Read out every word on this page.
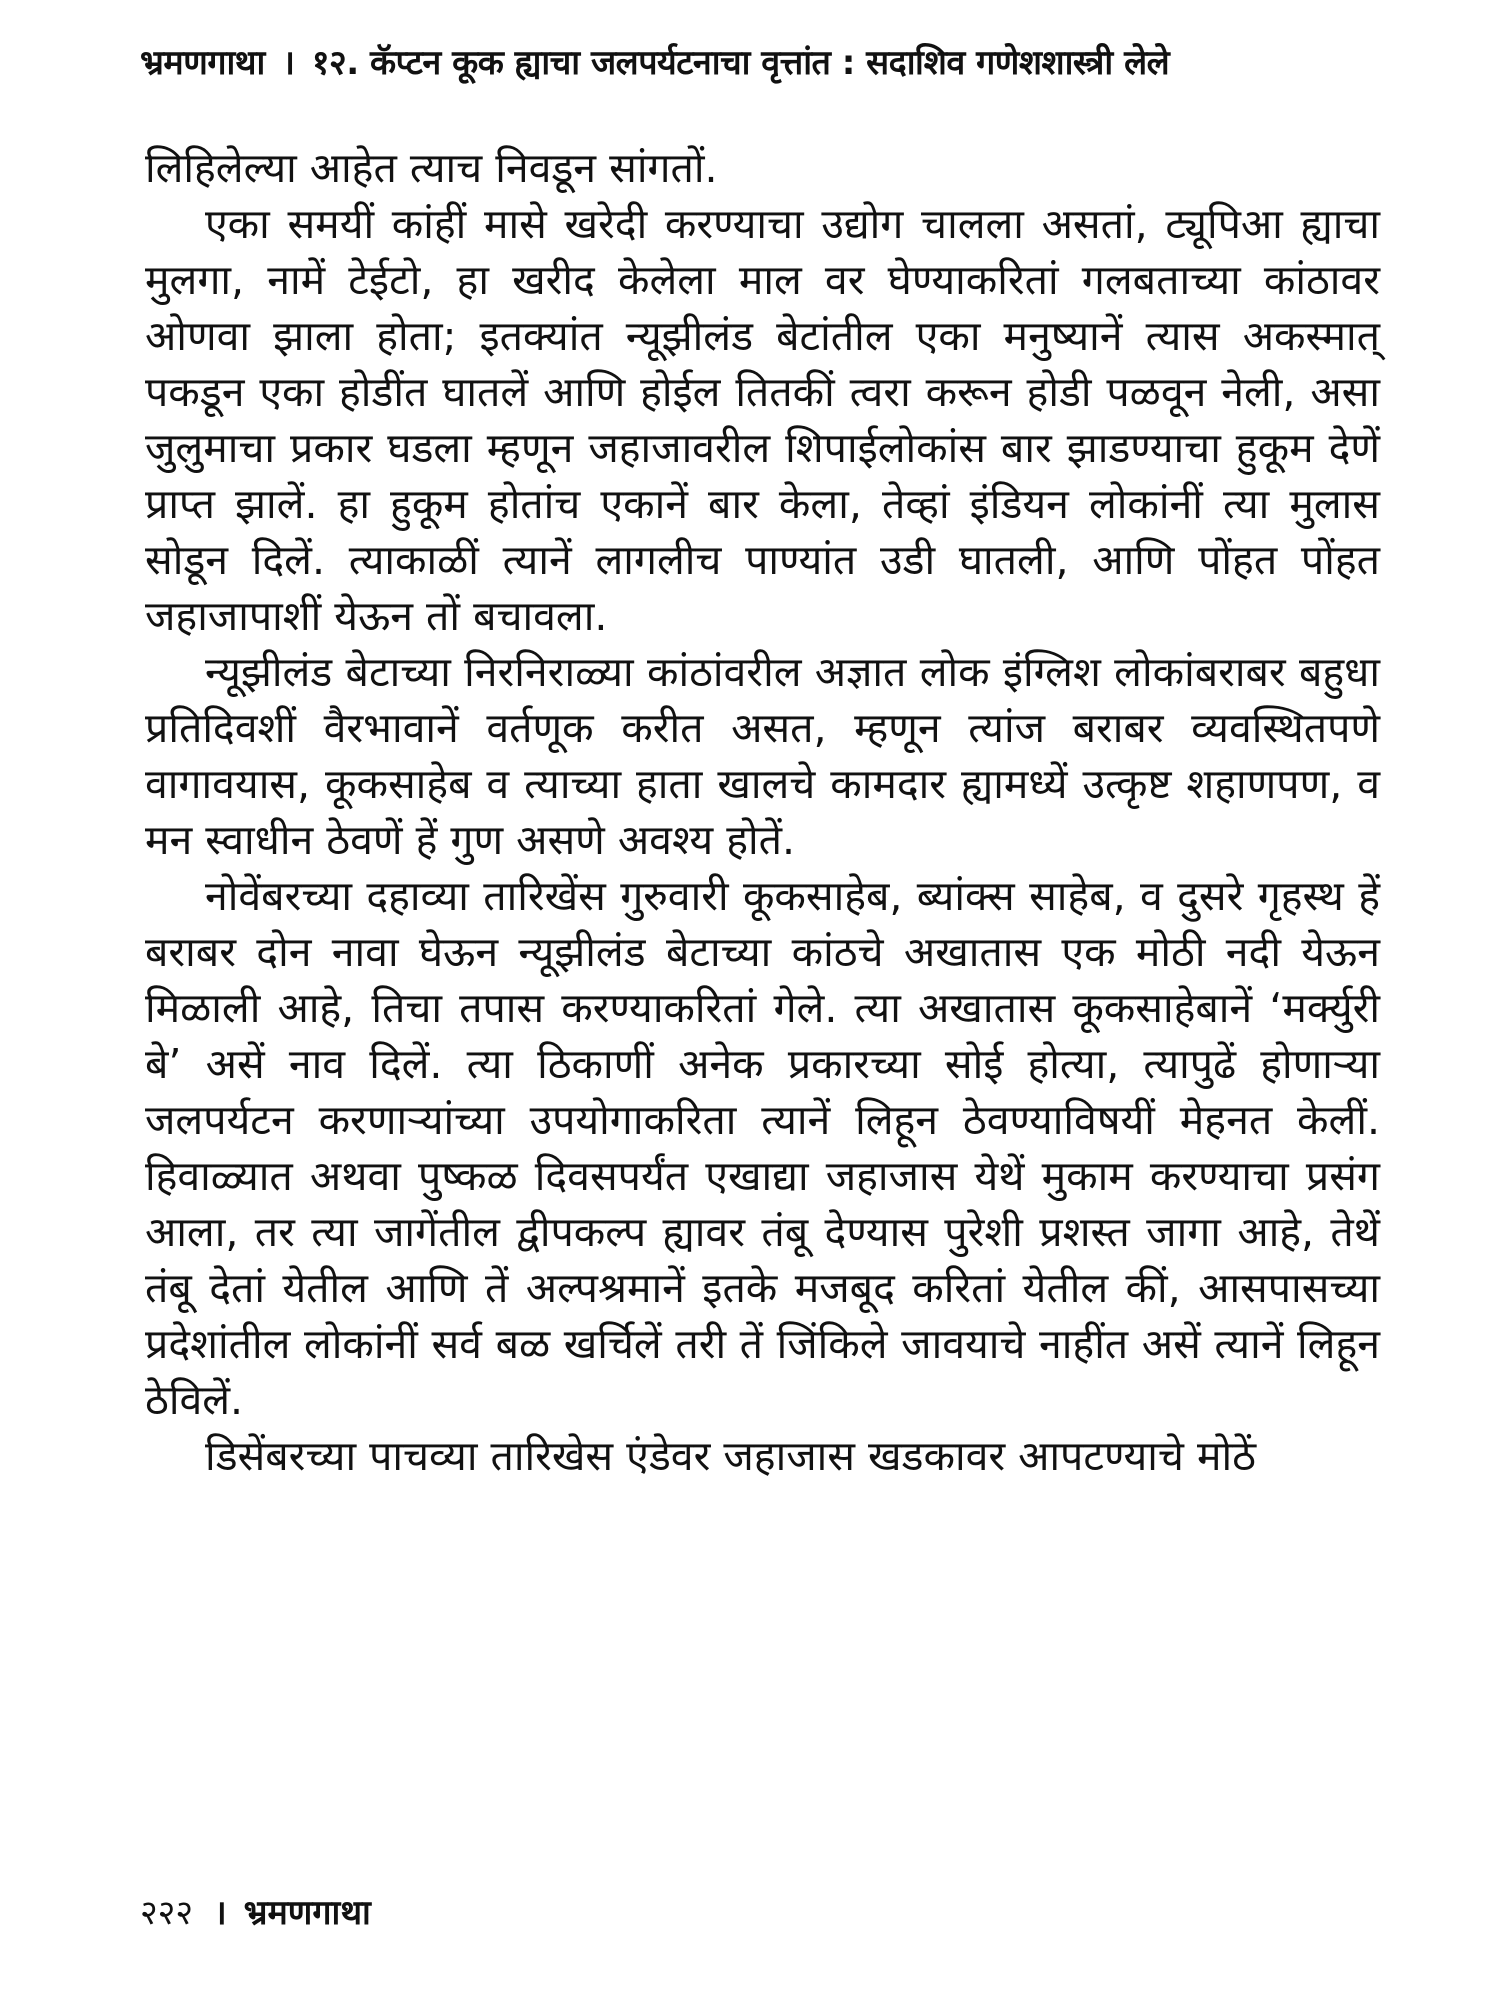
भ्रमणगाथा । १२. कॅप्टन कूक ह्याचा जलपर्यटनाचा वृत्तांत : सदाशिव गणेशशास्त्री लेले

लिहिलेल्या आहेत त्याच निवडून सांगतों.

एका समयीं कांहीं मासे खरेदी करण्याचा उद्योग चालला असतां, ट्यूपिआ ह्याचा मुलगा, नामें टेईटो, हा खरीद केलेला माल वर घेण्याकरितां गलबताच्या कांठावर ओणवा झाला होता; इतक्यांत न्यूझीलंड बेटांतील एका मनुष्यानें त्यास अकस्मात् पकडून एका होडींत घातलें आणि होईल तितकीं त्वरा करून होडी पळवून नेली, असा जुलुमाचा प्रकार घडला म्हणून जहाजावरील शिपाईलोकांस बार झाडण्याचा हुकूम देणें प्राप्त झालें. हा हुकूम होतांच एकानें बार केला, तेव्हां इंडियन लोकांनीं त्या मुलास सोडून दिलें. त्याकाळीं त्यानें लागलीच पाण्यांत उडी घातली, आणि पोंहत पोंहत जहाजापाशीं येऊन तों बचावला.

न्यूझीलंड बेटाच्या निरनिराळ्या कांठांवरील अज्ञात लोक इंग्लिश लोकांबराबर बहुधा प्रतिदिवशीं वैरभावानें वर्तणूक करीत असत, म्हणून त्यांज बराबर व्यवस्थितपणे वागावयास, कूकसाहेब व त्याच्या हाता खालचे कामदार ह्यामध्यें उत्कृष्ट शहाणपण, व मन स्वाधीन ठेवणें हें गुण असणे अवश्य होतें.

नोवेंबरच्या दहाव्या तारिखेंस गुरुवारी कूकसाहेब, ब्यांक्स साहेब, व दुसरे गृहस्थ हें बराबर दोन नावा घेऊन न्यूझीलंड बेटाच्या कांठचे अखातास एक मोठी नदी येऊन मिळाली आहे, तिचा तपास करण्याकरितां गेले. त्या अखातास कूकसाहेबानें ‘मर्क्युरी बे’ असें नाव दिलें. त्या ठिकाणीं अनेक प्रकारच्या सोई होत्या, त्यापुढें होणाऱ्या जलपर्यटन करणाऱ्यांच्या उपयोगाकरिता त्यानें लिहून ठेवण्याविषयीं मेहनत केलीं. हिवाळ्यात अथवा पुष्कळ दिवसपर्यंत एखाद्या जहाजास येथें मुकाम करण्याचा प्रसंग आला, तर त्या जागेंतील द्वीपकल्प ह्यावर तंबू देण्यास पुरेशी प्रशस्त जागा आहे, तेथें तंबू देतां येतील आणि तें अल्पश्रमानें इतके मजबूद करितां येतील कीं, आसपासच्या प्रदेशांतील लोकांनीं सर्व बळ खर्चिलें तरी तें जिंकिले जावयाचे नाहींत असें त्यानें लिहून ठेविलें.

डिसेंबरच्या पाचव्या तारिखेस एंडेवर जहाजास खडकावर आपटण्याचे मोठें

२२२ । भ्रमणगाथा
